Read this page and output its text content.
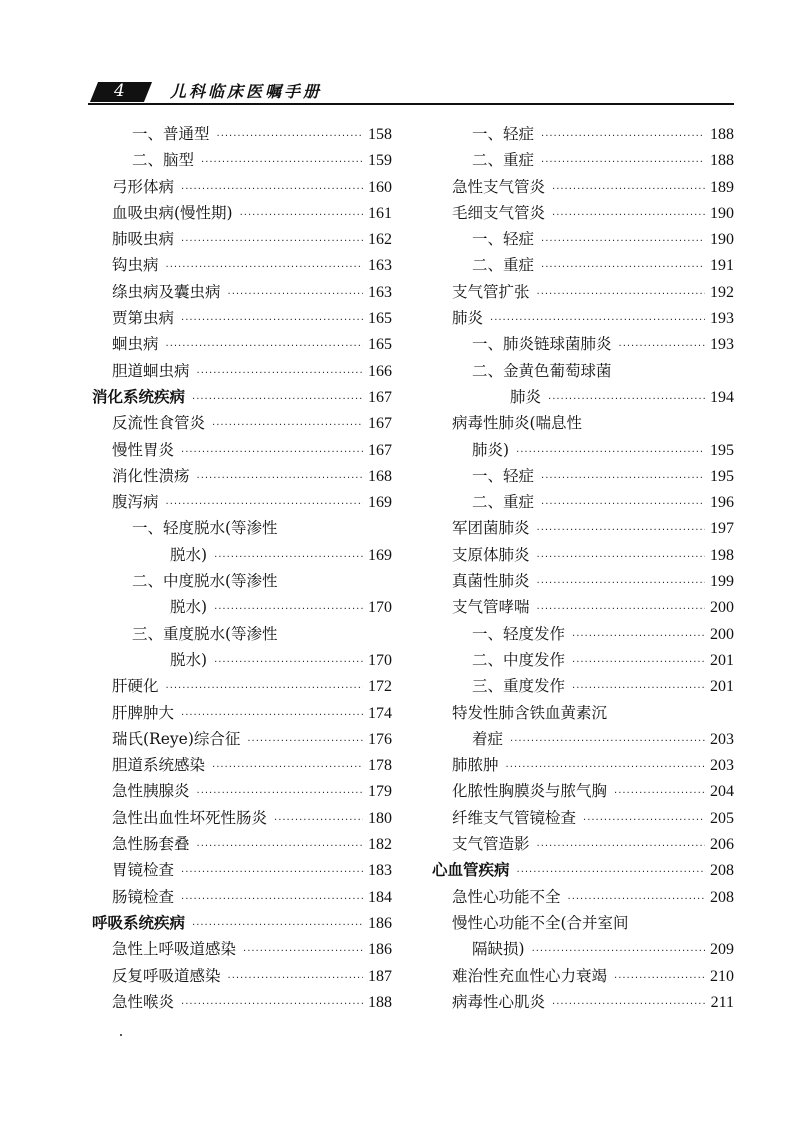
4	儿科临床医嘱手册
一、普通型 ·····	158
二、脑型 ·····	159
弓形体病 ·····	160
血吸虫病(慢性期) ·····	161
肺吸虫病 ·····	162
钩虫病 ·····	163
绦虫病及囊虫病 ·····	163
贾第虫病 ·····	165
蛔虫病 ·····	165
胆道蛔虫病 ·····	166
消化系统疾病 ·····	167
反流性食管炎 ·····	167
慢性胃炎 ·····	167
消化性溃疡 ·····	168
腹泻病 ·····	169
一、轻度脱水(等渗性
脱水) ·····	169
二、中度脱水(等渗性
脱水) ·····	170
三、重度脱水(等渗性
脱水) ·····	170
肝硬化 ·····	172
肝脾肿大 ·····	174
瑞氏(Reye)综合征 ·····	176
胆道系统感染 ·····	178
急性胰腺炎 ·····	179
急性出血性坏死性肠炎 ·····	180
急性肠套叠 ·····	182
胃镜检查 ·····	183
肠镜检查 ·····	184
呼吸系统疾病 ·····	186
急性上呼吸道感染 ·····	186
反复呼吸道感染 ·····	187
急性喉炎 ·····	188
一、轻症 ·····	188
二、重症 ·····	188
急性支气管炎 ·····	189
毛细支气管炎 ·····	190
一、轻症 ·····	190
二、重症 ·····	191
支气管扩张 ·····	192
肺炎 ·····	193
一、肺炎链球菌肺炎 ·····	193
二、金黄色葡萄球菌
肺炎 ·····	194
病毒性肺炎(喘息性
肺炎) ·····	195
一、轻症 ·····	195
二、重症 ·····	196
军团菌肺炎 ·····	197
支原体肺炎 ·····	198
真菌性肺炎 ·····	199
支气管哮喘 ·····	200
一、轻度发作 ·····	200
二、中度发作 ·····	201
三、重度发作 ·····	201
特发性肺含铁血黄素沉
着症 ·····	203
肺脓肿 ·····	203
化脓性胸膜炎与脓气胸 ·····	204
纤维支气管镜检查 ·····	205
支气管造影 ·····	206
心血管疾病 ·····	208
急性心功能不全 ·····	208
慢性心功能不全(合并室间
隔缺损) ·····	209
难治性充血性心力衰竭 ·····	210
病毒性心肌炎 ·····	211
